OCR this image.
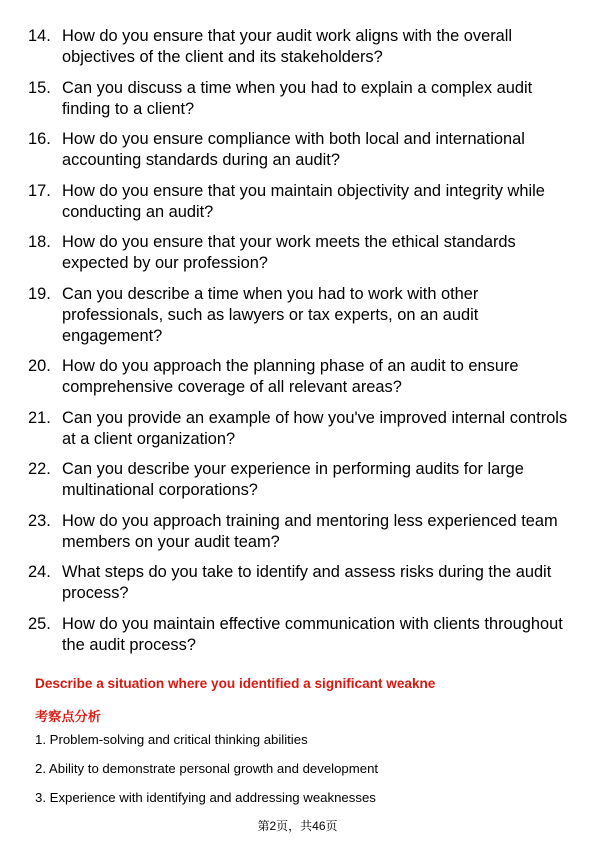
14. How do you ensure that your audit work aligns with the overall objectives of the client and its stakeholders?
15. Can you discuss a time when you had to explain a complex audit finding to a client?
16. How do you ensure compliance with both local and international accounting standards during an audit?
17. How do you ensure that you maintain objectivity and integrity while conducting an audit?
18. How do you ensure that your work meets the ethical standards expected by our profession?
19. Can you describe a time when you had to work with other professionals, such as lawyers or tax experts, on an audit engagement?
20. How do you approach the planning phase of an audit to ensure comprehensive coverage of all relevant areas?
21. Can you provide an example of how you've improved internal controls at a client organization?
22. Can you describe your experience in performing audits for large multinational corporations?
23. How do you approach training and mentoring less experienced team members on your audit team?
24. What steps do you take to identify and assess risks during the audit process?
25. How do you maintain effective communication with clients throughout the audit process?
Describe a situation where you identified a significant weakne
考察点分析
1. Problem-solving and critical thinking abilities
2. Ability to demonstrate personal growth and development
3. Experience with identifying and addressing weaknesses
第2页，共46页
